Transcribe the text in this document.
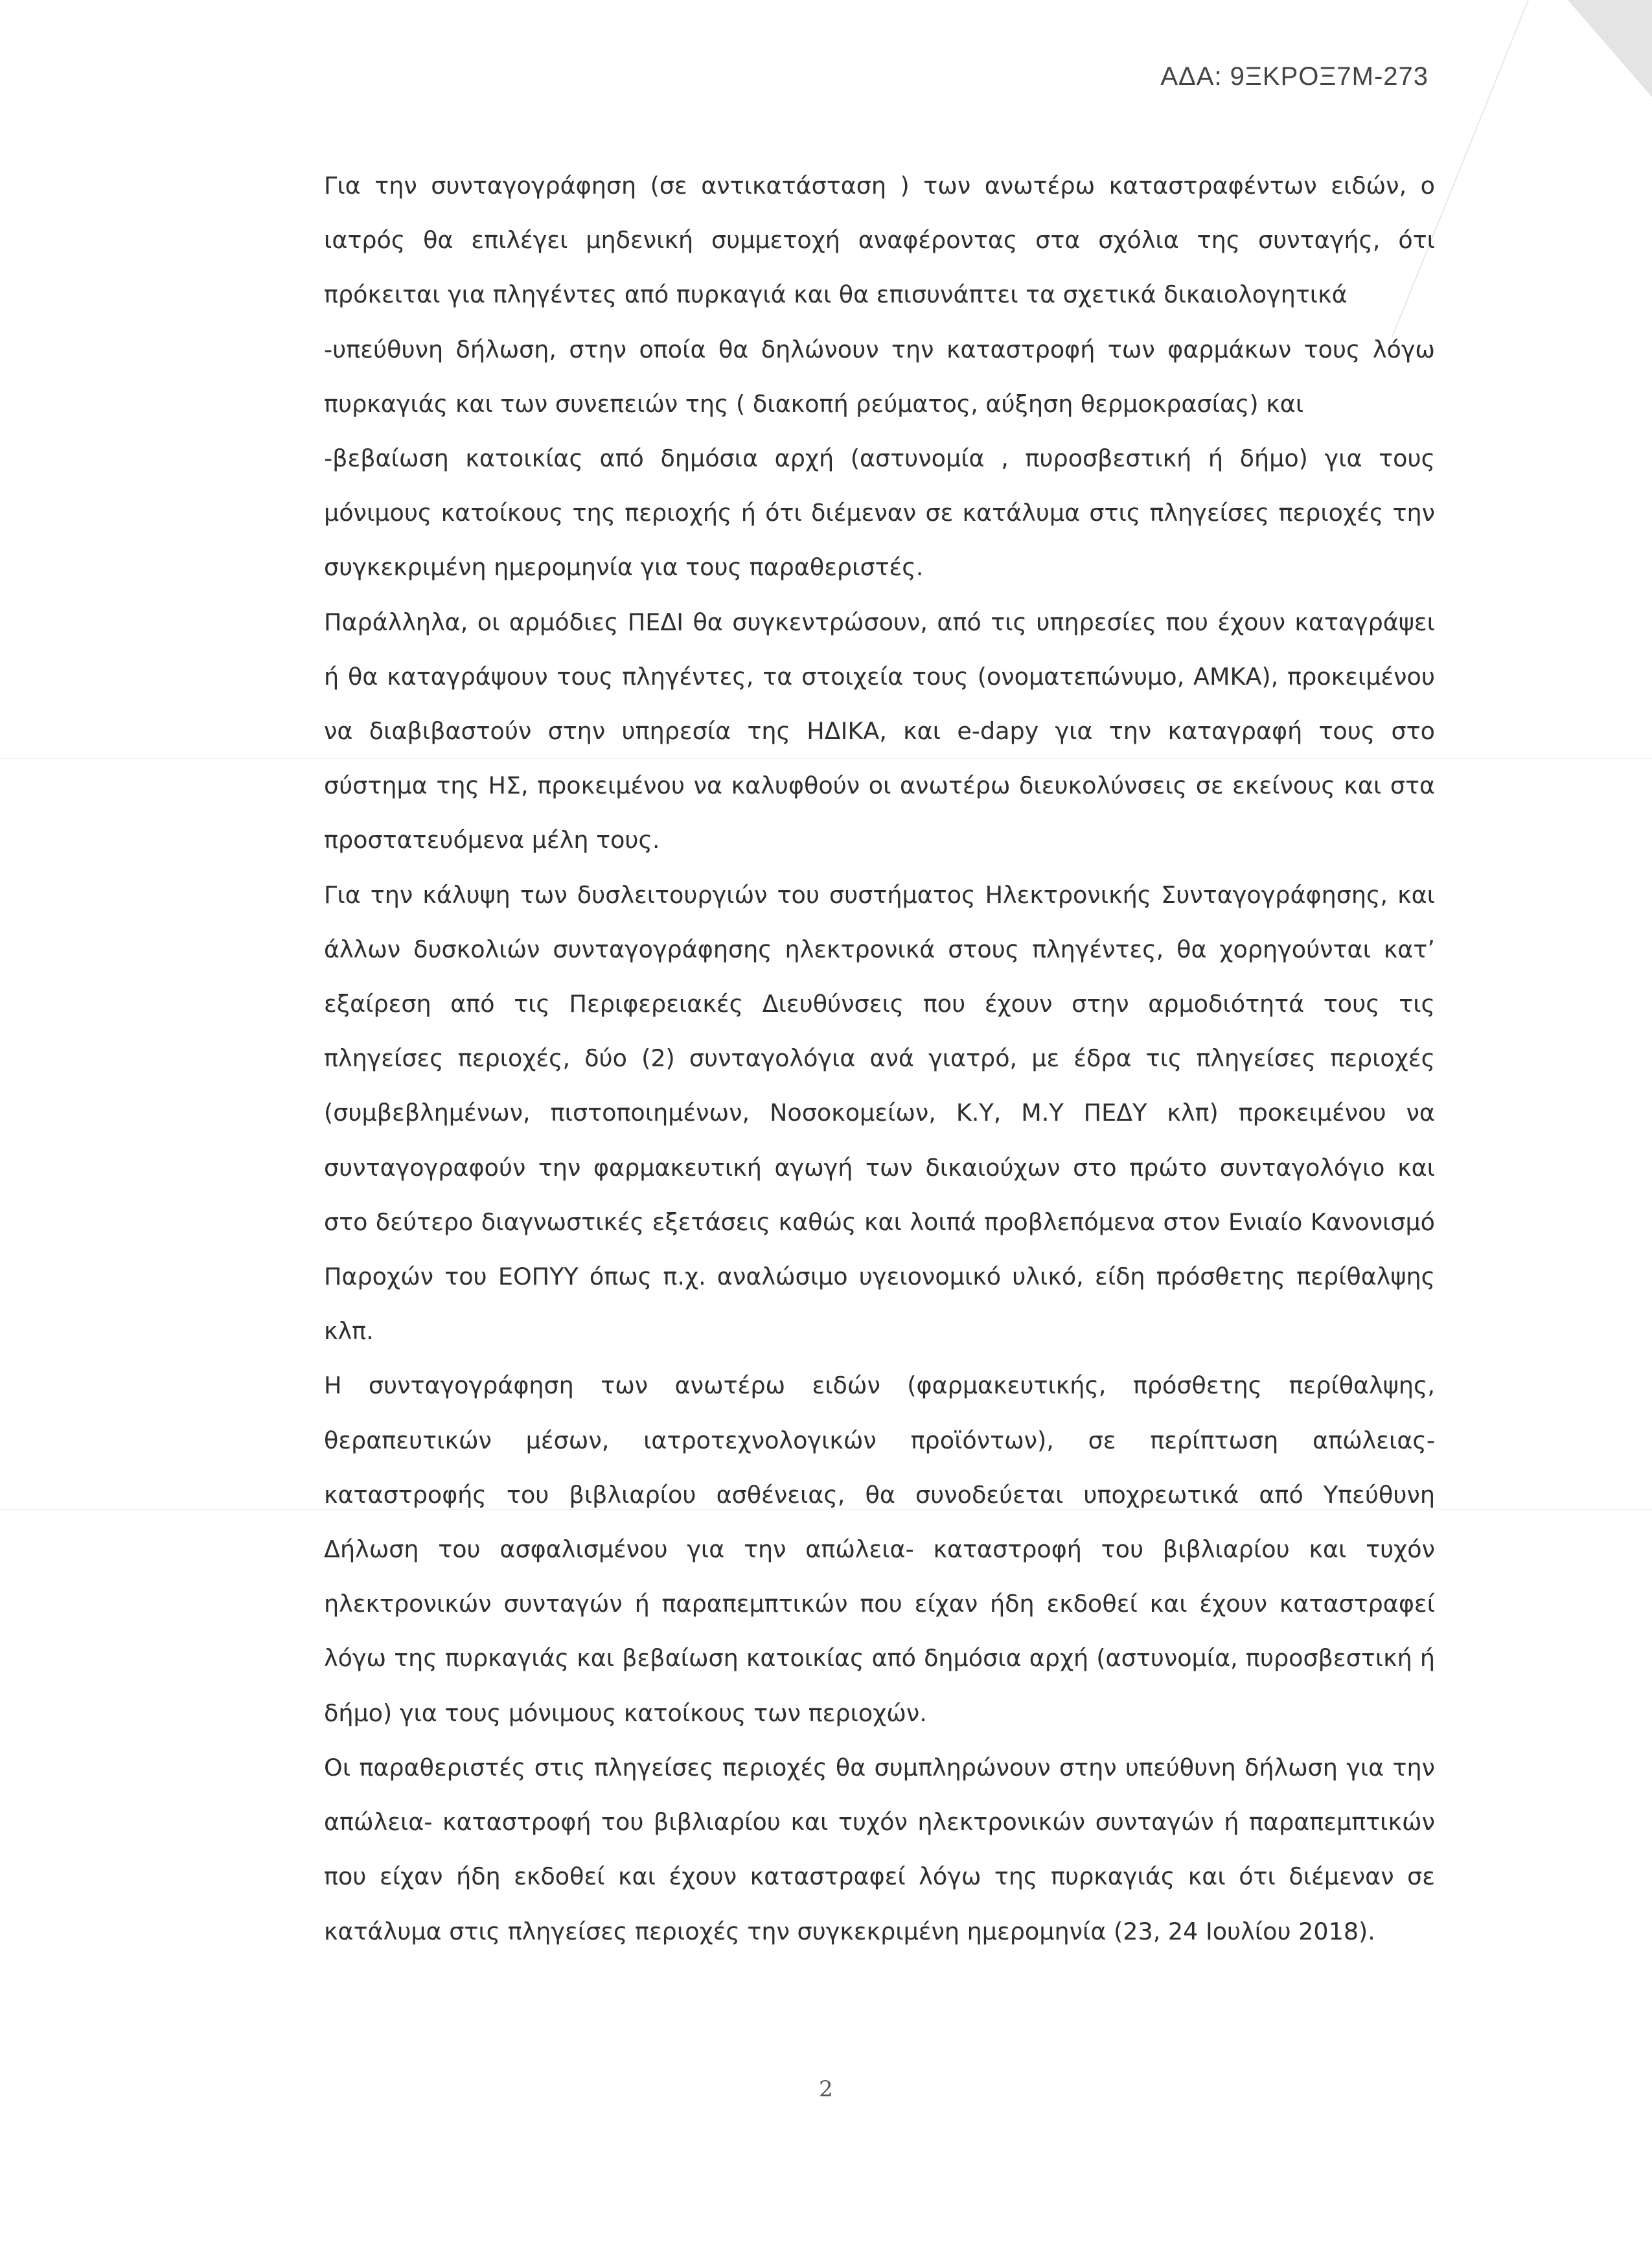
ΑΔΑ: 9ΞΚΡΟΞ7Μ-273

Για την συνταγογράφηση (σε αντικατάσταση ) των ανωτέρω καταστραφέντων ειδών, ο ιατρός θα επιλέγει μηδενική συμμετοχή αναφέροντας στα σχόλια της συνταγής, ότι πρόκειται για πληγέντες από πυρκαγιά και θα επισυνάπτει τα σχετικά δικαιολογητικά

-υπεύθυνη δήλωση, στην οποία θα δηλώνουν την καταστροφή των φαρμάκων τους λόγω πυρκαγιάς και των συνεπειών της ( διακοπή ρεύματος, αύξηση θερμοκρασίας) και

-βεβαίωση κατοικίας από δημόσια αρχή (αστυνομία , πυροσβεστική ή δήμο) για τους μόνιμους κατοίκους της περιοχής ή ότι διέμεναν σε κατάλυμα στις πληγείσες περιοχές την συγκεκριμένη ημερομηνία για τους παραθεριστές.

Παράλληλα, οι αρμόδιες ΠΕΔΙ θα συγκεντρώσουν, από τις υπηρεσίες που έχουν καταγράψει ή θα καταγράψουν τους πληγέντες, τα στοιχεία τους (ονοματεπώνυμο, ΑΜΚΑ), προκειμένου να διαβιβαστούν στην υπηρεσία της ΗΔΙΚΑ, και e-dapy για την καταγραφή τους στο σύστημα της ΗΣ, προκειμένου να καλυφθούν οι ανωτέρω διευκολύνσεις σε εκείνους και στα προστατευόμενα μέλη τους.

Για την κάλυψη των δυσλειτουργιών του συστήματος Ηλεκτρονικής Συνταγογράφησης, και άλλων δυσκολιών συνταγογράφησης ηλεκτρονικά στους πληγέντες, θα χορηγούνται κατ’ εξαίρεση από τις Περιφερειακές Διευθύνσεις που έχουν στην αρμοδιότητά τους τις πληγείσες περιοχές, δύο (2) συνταγολόγια ανά γιατρό, με έδρα τις πληγείσες περιοχές (συμβεβλημένων, πιστοποιημένων, Νοσοκομείων, Κ.Υ, Μ.Υ ΠΕΔΥ κλπ) προκειμένου να συνταγογραφούν την φαρμακευτική αγωγή των δικαιούχων στο πρώτο συνταγολόγιο και στο δεύτερο διαγνωστικές εξετάσεις καθώς και λοιπά προβλεπόμενα στον Ενιαίο Κανονισμό Παροχών του ΕΟΠΥΥ όπως π.χ. αναλώσιμο υγειονομικό υλικό, είδη πρόσθετης περίθαλψης κλπ.

Η συνταγογράφηση των ανωτέρω ειδών (φαρμακευτικής, πρόσθετης περίθαλψης, θεραπευτικών μέσων, ιατροτεχνολογικών προϊόντων), σε περίπτωση απώλειας-καταστροφής του βιβλιαρίου ασθένειας, θα συνοδεύεται υποχρεωτικά από Υπεύθυνη Δήλωση του ασφαλισμένου για την απώλεια- καταστροφή του βιβλιαρίου και τυχόν ηλεκτρονικών συνταγών ή παραπεμπτικών που είχαν ήδη εκδοθεί και έχουν καταστραφεί λόγω της πυρκαγιάς και βεβαίωση κατοικίας από δημόσια αρχή (αστυνομία, πυροσβεστική ή δήμο) για τους μόνιμους κατοίκους των περιοχών.

Οι παραθεριστές στις πληγείσες περιοχές θα συμπληρώνουν στην υπεύθυνη δήλωση για την απώλεια- καταστροφή του βιβλιαρίου και τυχόν ηλεκτρονικών συνταγών ή παραπεμπτικών που είχαν ήδη εκδοθεί και έχουν καταστραφεί λόγω της πυρκαγιάς και ότι διέμεναν σε κατάλυμα στις πληγείσες περιοχές την συγκεκριμένη ημερομηνία (23, 24 Ιουλίου 2018).

2
